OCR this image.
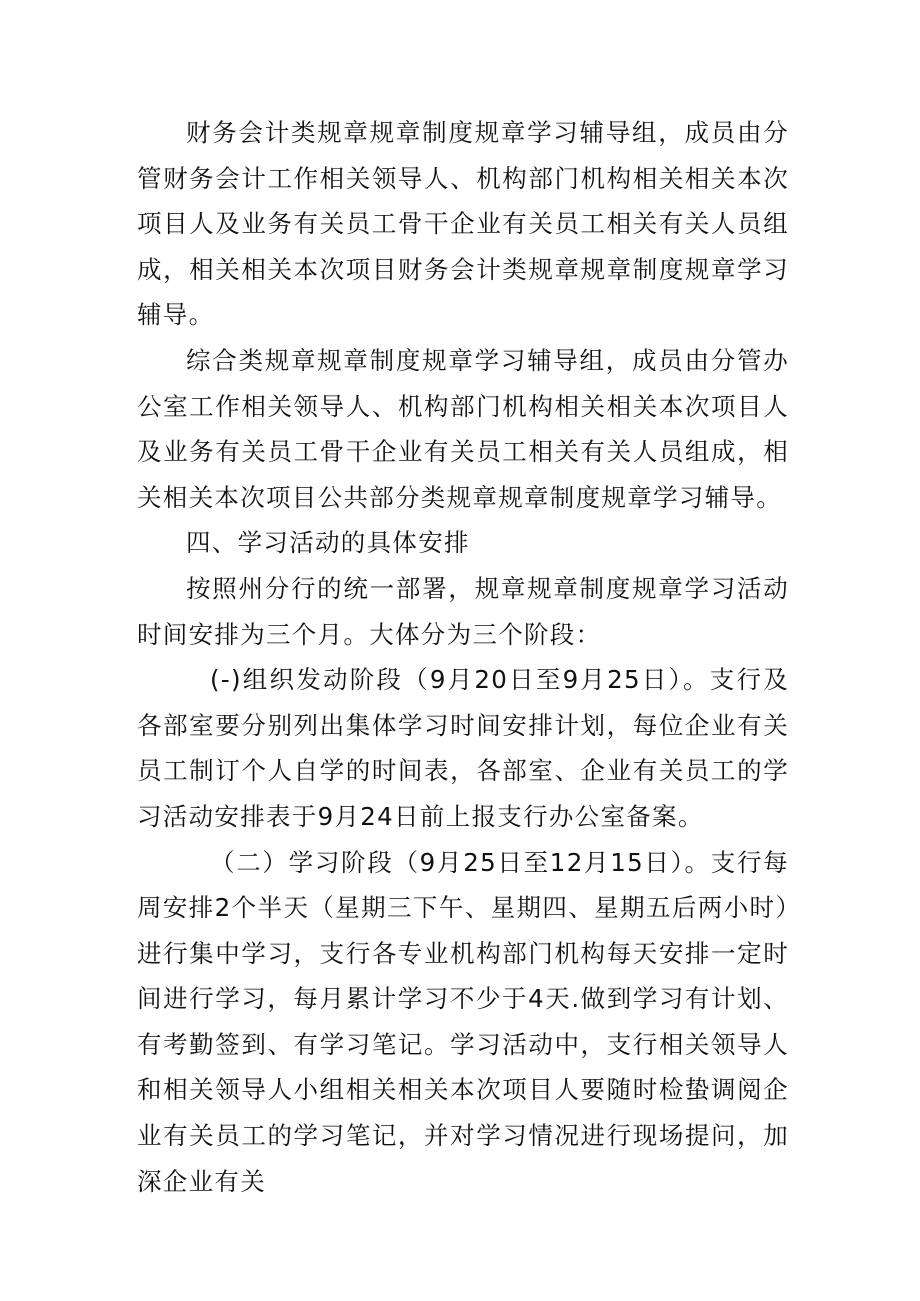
财务会计类规章规章制度规章学习辅导组，成员由分管财务会计工作相关领导人、机构部门机构相关相关本次项目人及业务有关员工骨干企业有关员工相关有关人员组成，相关相关本次项目财务会计类规章规章制度规章学习辅导。

综合类规章规章制度规章学习辅导组，成员由分管办公室工作相关领导人、机构部门机构相关相关本次项目人及业务有关员工骨干企业有关员工相关有关人员组成，相关相关本次项目公共部分类规章规章制度规章学习辅导。

四、学习活动的具体安排

按照州分行的统一部署，规章规章制度规章学习活动时间安排为三个月。大体分为三个阶段：

(-)组织发动阶段（9月20日至9月25日）。支行及各部室要分别列出集体学习时间安排计划，每位企业有关员工制订个人自学的时间表，各部室、企业有关员工的学习活动安排表于9月24日前上报支行办公室备案。

（二）学习阶段（9月25日至12月15日）。支行每周安排2个半天（星期三下午、星期四、星期五后两小时）进行集中学习，支行各专业机构部门机构每天安排一定时间进行学习，每月累计学习不少于4天.做到学习有计划、有考勤签到、有学习笔记。学习活动中，支行相关领导人和相关领导人小组相关相关本次项目人要随时检蛰调阅企业有关员工的学习笔记，并对学习情况进行现场提问，加深企业有关
